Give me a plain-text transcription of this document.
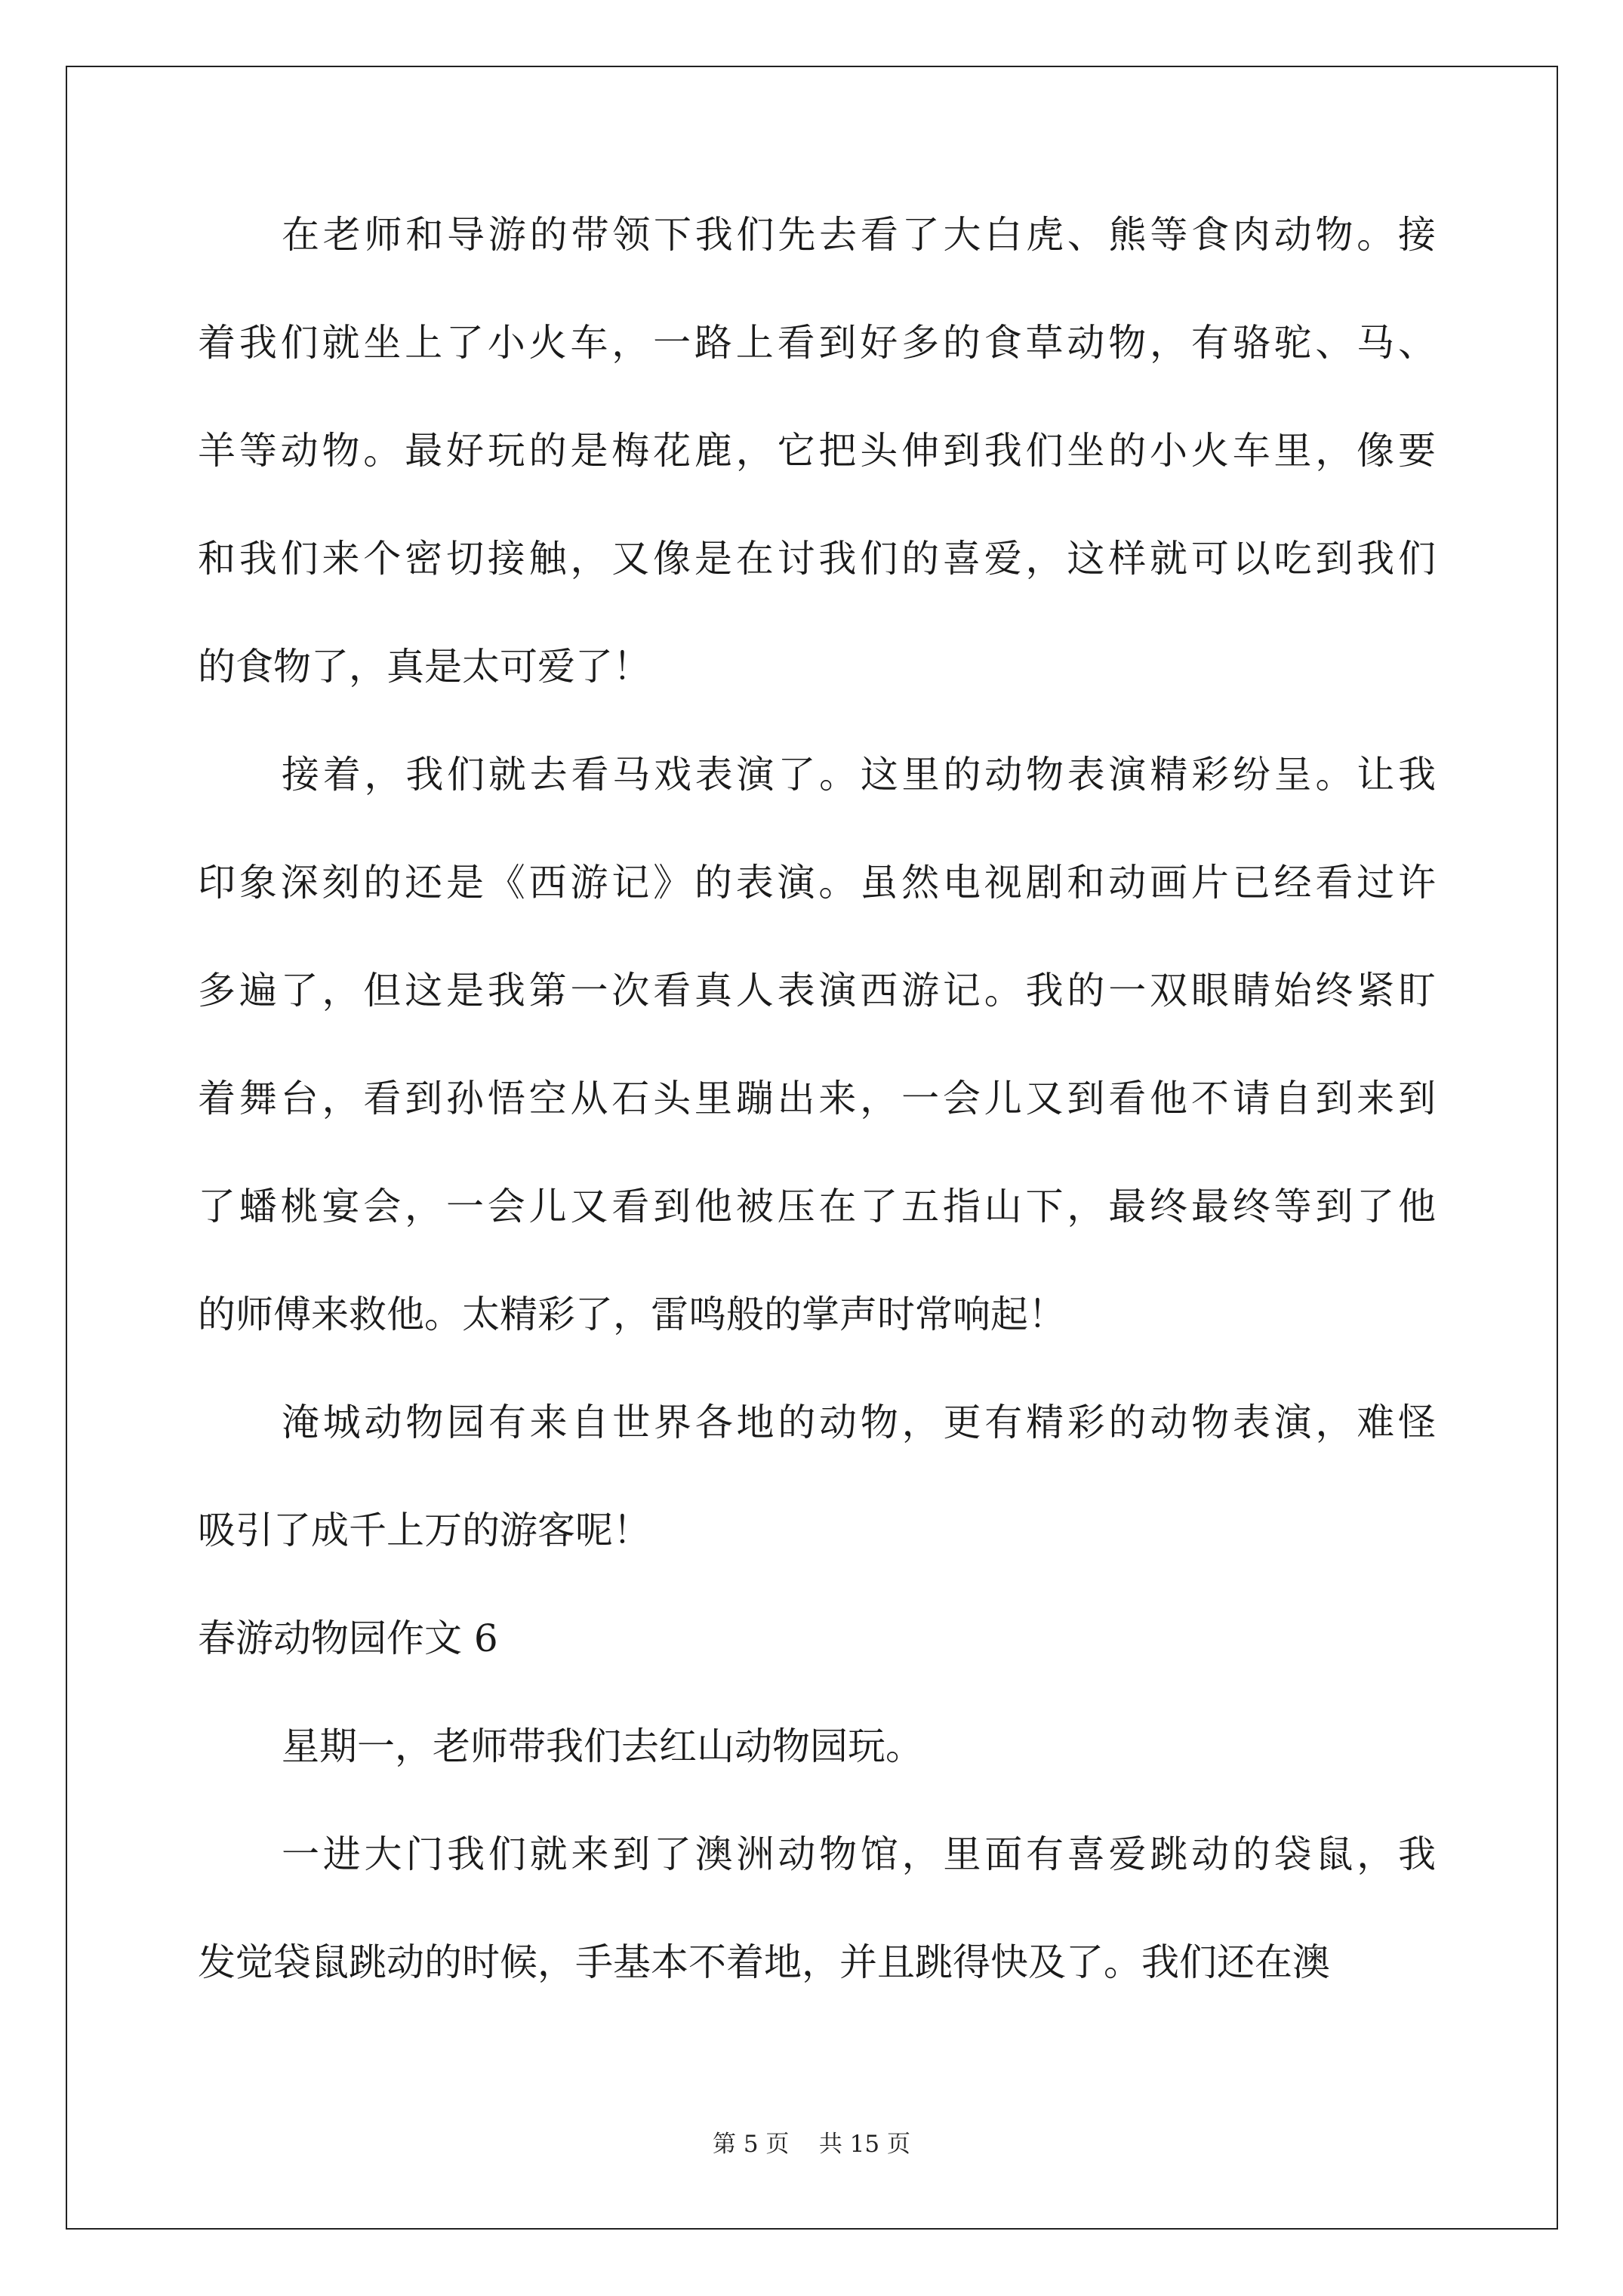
在老师和导游的带领下我们先去看了大白虎、熊等食肉动物。接
着我们就坐上了小火车，一路上看到好多的食草动物，有骆驼、马、
羊等动物。最好玩的是梅花鹿，它把头伸到我们坐的小火车里，像要
和我们来个密切接触，又像是在讨我们的喜爱，这样就可以吃到我们
的食物了，真是太可爱了！
接着，我们就去看马戏表演了。这里的动物表演精彩纷呈。让我
印象深刻的还是《西游记》的表演。虽然电视剧和动画片已经看过许
多遍了，但这是我第一次看真人表演西游记。我的一双眼睛始终紧盯
着舞台，看到孙悟空从石头里蹦出来，一会儿又到看他不请自到来到
了蟠桃宴会，一会儿又看到他被压在了五指山下，最终最终等到了他
的师傅来救他。太精彩了，雷鸣般的掌声时常响起！
淹城动物园有来自世界各地的动物，更有精彩的动物表演，难怪
吸引了成千上万的游客呢！
春游动物园作文 6
星期一，老师带我们去红山动物园玩。
一进大门我们就来到了澳洲动物馆，里面有喜爱跳动的袋鼠，我
发觉袋鼠跳动的时候，手基本不着地，并且跳得快及了。我们还在澳
第 5 页    共 15 页
